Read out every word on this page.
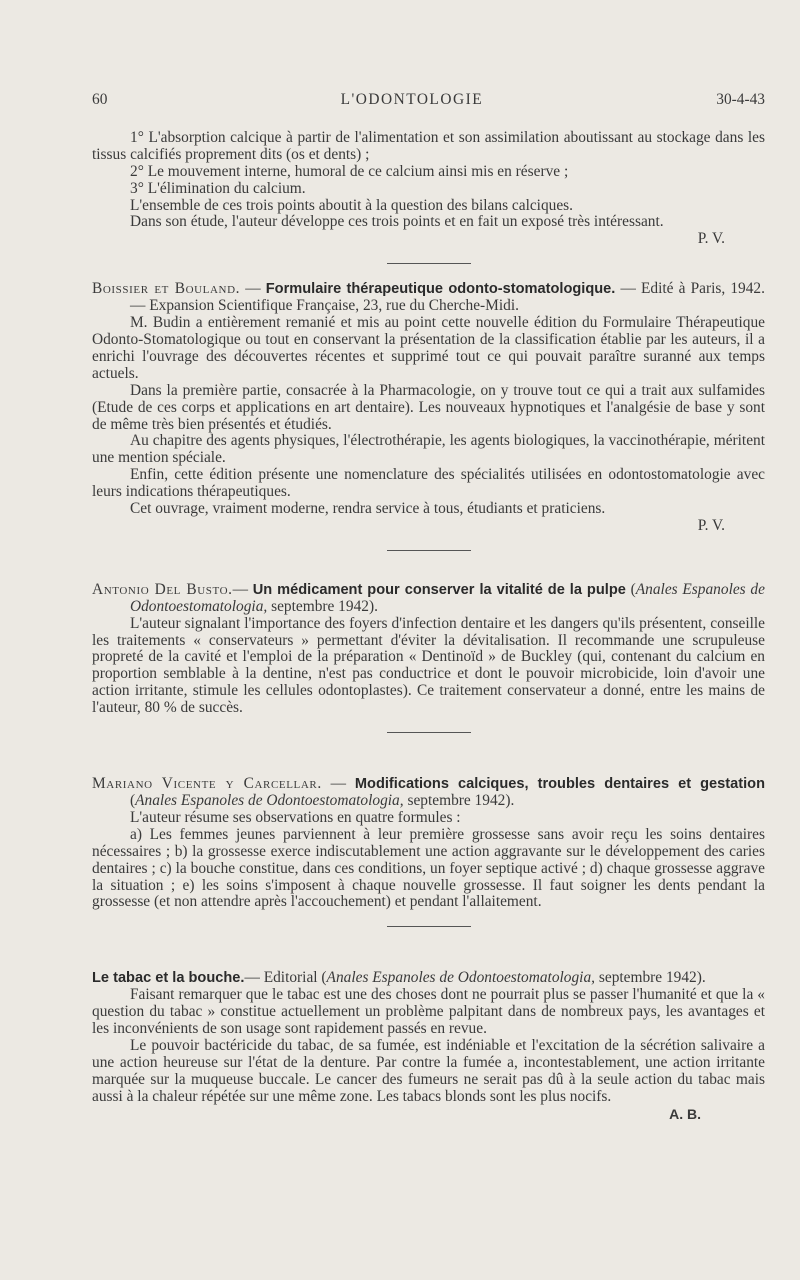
60	L'ODONTOLOGIE	30-4-43

1° L'absorption calcique à partir de l'alimentation et son assimilation aboutissant au stockage dans les tissus calcifiés proprement dits (os et dents) ;

2° Le mouvement interne, humoral de ce calcium ainsi mis en réserve ;

3° L'élimination du calcium.

L'ensemble de ces trois points aboutit à la question des bilans calciques.

Dans son étude, l'auteur développe ces trois points et en fait un exposé très intéressant.

P. V.

Boissier et Bouland. — Formulaire thérapeutique odonto-stomatologique. — Edité à Paris, 1942. — Expansion Scientifique Française, 23, rue du Cherche-Midi.

M. Budin a entièrement remanié et mis au point cette nouvelle édition du Formulaire Thérapeutique Odonto-Stomatologique ou tout en conservant la présentation de la classification établie par les auteurs, il a enrichi l'ouvrage des découvertes récentes et supprimé tout ce qui pouvait paraître suranné aux temps actuels.

Dans la première partie, consacrée à la Pharmacologie, on y trouve tout ce qui a trait aux sulfamides (Etude de ces corps et applications en art dentaire). Les nouveaux hypnotiques et l'analgésie de base y sont de même très bien présentés et étudiés.

Au chapitre des agents physiques, l'électrothérapie, les agents biologiques, la vaccinothérapie, méritent une mention spéciale.

Enfin, cette édition présente une nomenclature des spécialités utilisées en odontostomatologie avec leurs indications thérapeutiques.

Cet ouvrage, vraiment moderne, rendra service à tous, étudiants et praticiens.

P. V.

Antonio Del Busto.— Un médicament pour conserver la vitalité de la pulpe (Anales Espanoles de Odontoestomatologia, septembre 1942).

L'auteur signalant l'importance des foyers d'infection dentaire et les dangers qu'ils présentent, conseille les traitements « conservateurs » permettant d'éviter la dévitalisation. Il recommande une scrupuleuse propreté de la cavité et l'emploi de la préparation « Dentinoïd » de Buckley (qui, contenant du calcium en proportion semblable à la dentine, n'est pas conductrice et dont le pouvoir microbicide, loin d'avoir une action irritante, stimule les cellules odontoplastes). Ce traitement conservateur a donné, entre les mains de l'auteur, 80 % de succès.

Mariano Vicente y Carcellar. — Modifications calciques, troubles dentaires et gestation (Anales Espanoles de Odontoestomatologia, septembre 1942).

L'auteur résume ses observations en quatre formules :

a) Les femmes jeunes parviennent à leur première grossesse sans avoir reçu les soins dentaires nécessaires ; b) la grossesse exerce indiscutablement une action aggravante sur le développement des caries dentaires ; c) la bouche constitue, dans ces conditions, un foyer septique activé ; d) chaque grossesse aggrave la situation ; e) les soins s'imposent à chaque nouvelle grossesse. Il faut soigner les dents pendant la grossesse (et non attendre après l'accouchement) et pendant l'allaitement.

Le tabac et la bouche.— Editorial (Anales Espanoles de Odontoestomatologia, septembre 1942).

Faisant remarquer que le tabac est une des choses dont ne pourrait plus se passer l'humanité et que la « question du tabac » constitue actuellement un problème palpitant dans de nombreux pays, les avantages et les inconvénients de son usage sont rapidement passés en revue.

Le pouvoir bactéricide du tabac, de sa fumée, est indéniable et l'excitation de la sécrétion salivaire a une action heureuse sur l'état de la denture. Par contre la fumée a, incontestablement, une action irritante marquée sur la muqueuse buccale. Le cancer des fumeurs ne serait pas dû à la seule action du tabac mais aussi à la chaleur répétée sur une même zone. Les tabacs blonds sont les plus nocifs.

A. B.
